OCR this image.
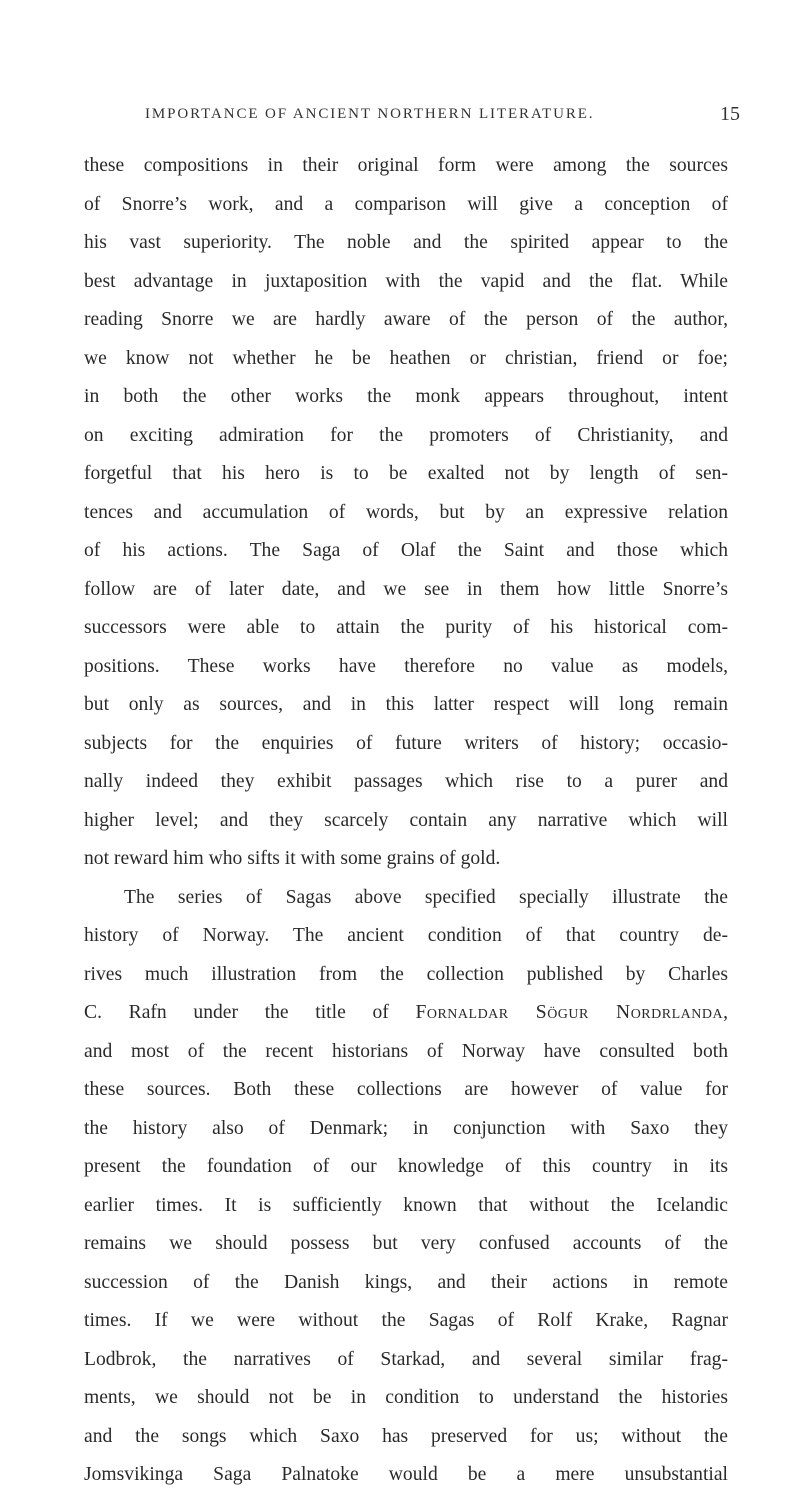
IMPORTANCE OF ANCIENT NORTHERN LITERATURE.	15
these compositions in their original form were among the sources
of Snorre’s work, and a comparison will give a conception of
his vast superiority. The noble and the spirited appear to the
best advantage in juxtaposition with the vapid and the flat. While
reading Snorre we are hardly aware of the person of the author,
we know not whether he be heathen or christian, friend or foe;
in both the other works the monk appears throughout, intent
on exciting admiration for the promoters of Christianity, and
forgetful that his hero is to be exalted not by length of sen-
tences and accumulation of words, but by an expressive relation
of his actions. The Saga of Olaf the Saint and those which
follow are of later date, and we see in them how little Snorre’s
successors were able to attain the purity of his historical com-
positions. These works have therefore no value as models,
but only as sources, and in this latter respect will long remain
subjects for the enquiries of future writers of history; occasio-
nally indeed they exhibit passages which rise to a purer and
higher level; and they scarcely contain any narrative which will
not reward him who sifts it with some grains of gold.
The series of Sagas above specified specially illustrate the
history of Norway. The ancient condition of that country de-
rives much illustration from the collection published by Charles
C. Rafn under the title of Fornaldar Sögur Nordrlanda,
and most of the recent historians of Norway have consulted both
these sources. Both these collections are however of value for
the history also of Denmark; in conjunction with Saxo they
present the foundation of our knowledge of this country in its
earlier times. It is sufficiently known that without the Icelandic
remains we should possess but very confused accounts of the
succession of the Danish kings, and their actions in remote
times. If we were without the Sagas of Rolf Krake, Ragnar
Lodbrok, the narratives of Starkad, and several similar frag-
ments, we should not be in condition to understand the histories
and the songs which Saxo has preserved for us; without the
Jomsvikinga Saga Palnatoke would be a mere unsubstantial
